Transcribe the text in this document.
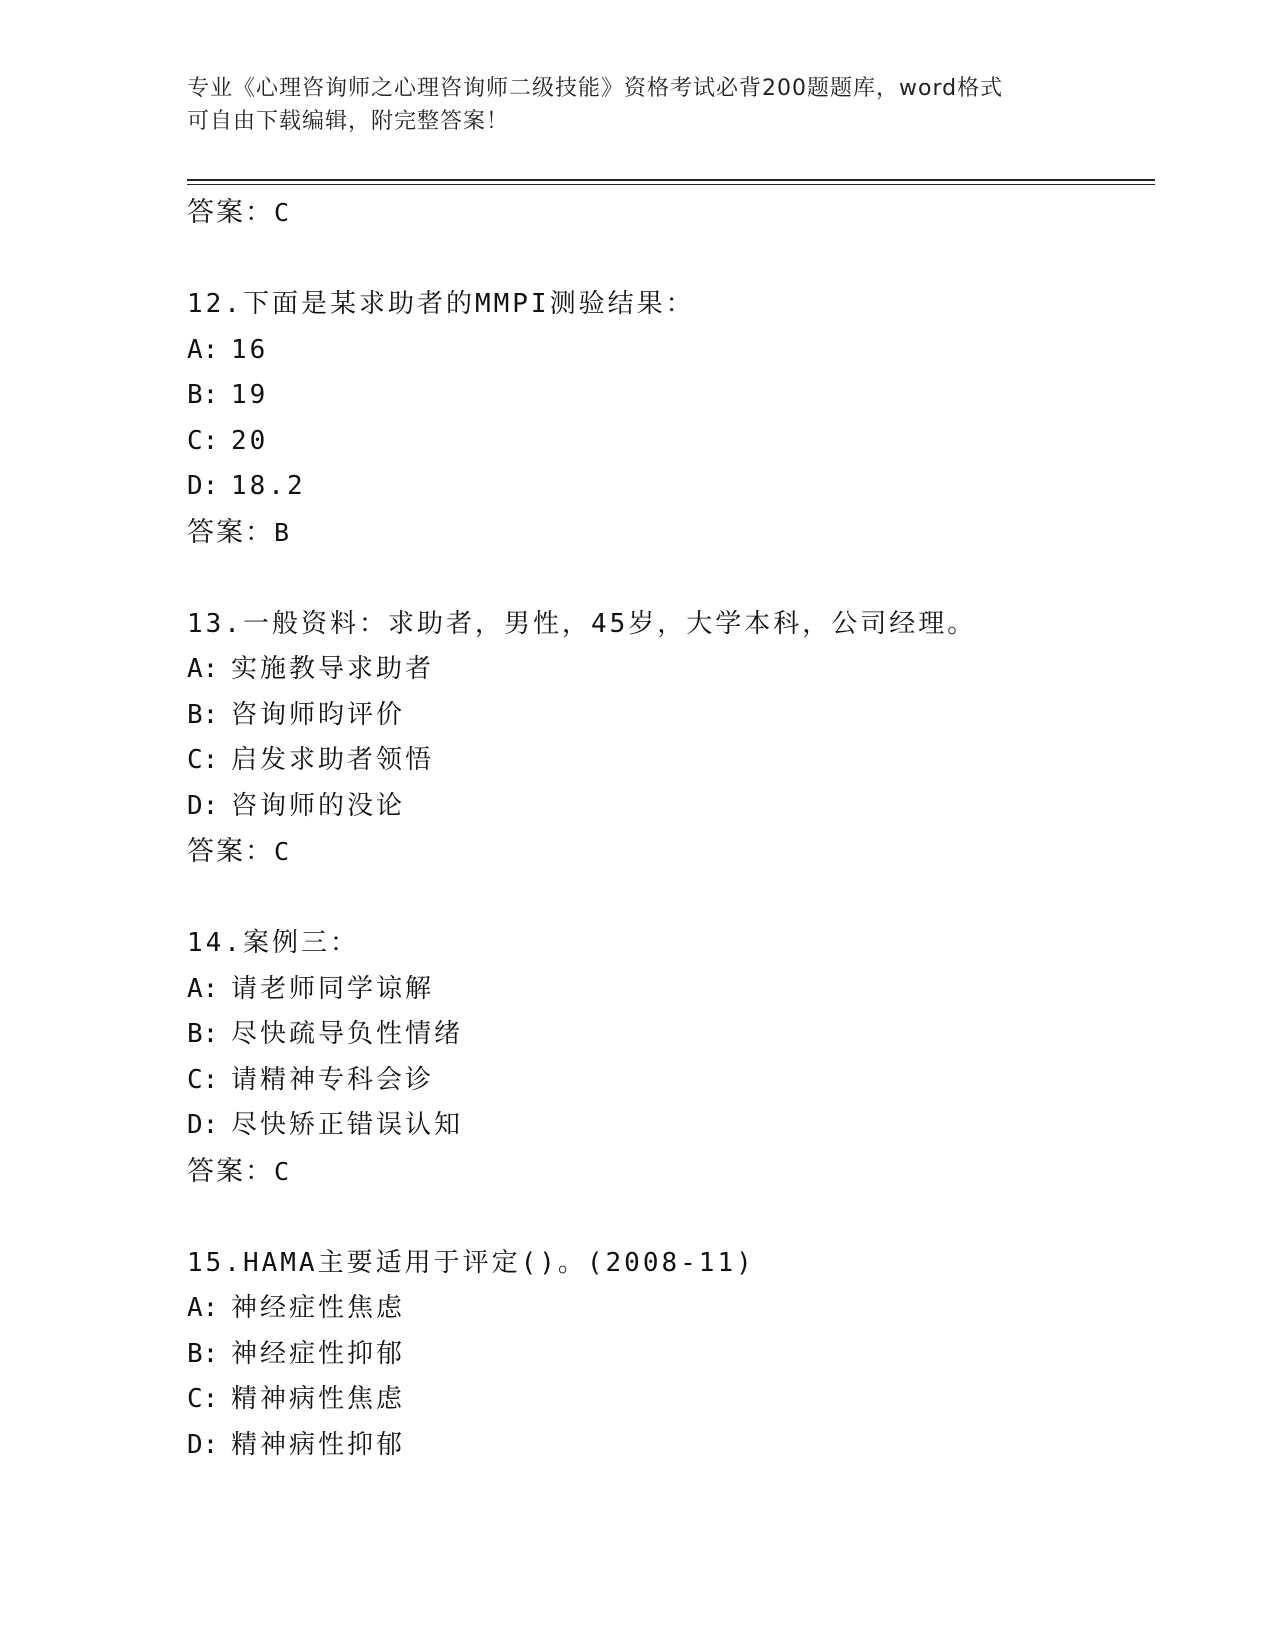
专业《心理咨询师之心理咨询师二级技能》资格考试必背200题题库，word格式
可自由下载编辑，附完整答案！
答案：C
12.下面是某求助者的MMPI测验结果：
A: 16
B: 19
C: 20
D: 18.2
答案：B
13.一般资料：求助者，男性，45岁，大学本科，公司经理。
A: 实施教导求助者
B: 咨询师昀评价
C: 启发求助者领悟
D: 咨询师的没论
答案：C
14.案例三：
A: 请老师同学谅解
B: 尽快疏导负性情绪
C: 请精神专科会诊
D: 尽快矫正错误认知
答案：C
15.HAMA主要适用于评定()。(2008-11)
A: 神经症性焦虑
B: 神经症性抑郁
C: 精神病性焦虑
D: 精神病性抑郁
